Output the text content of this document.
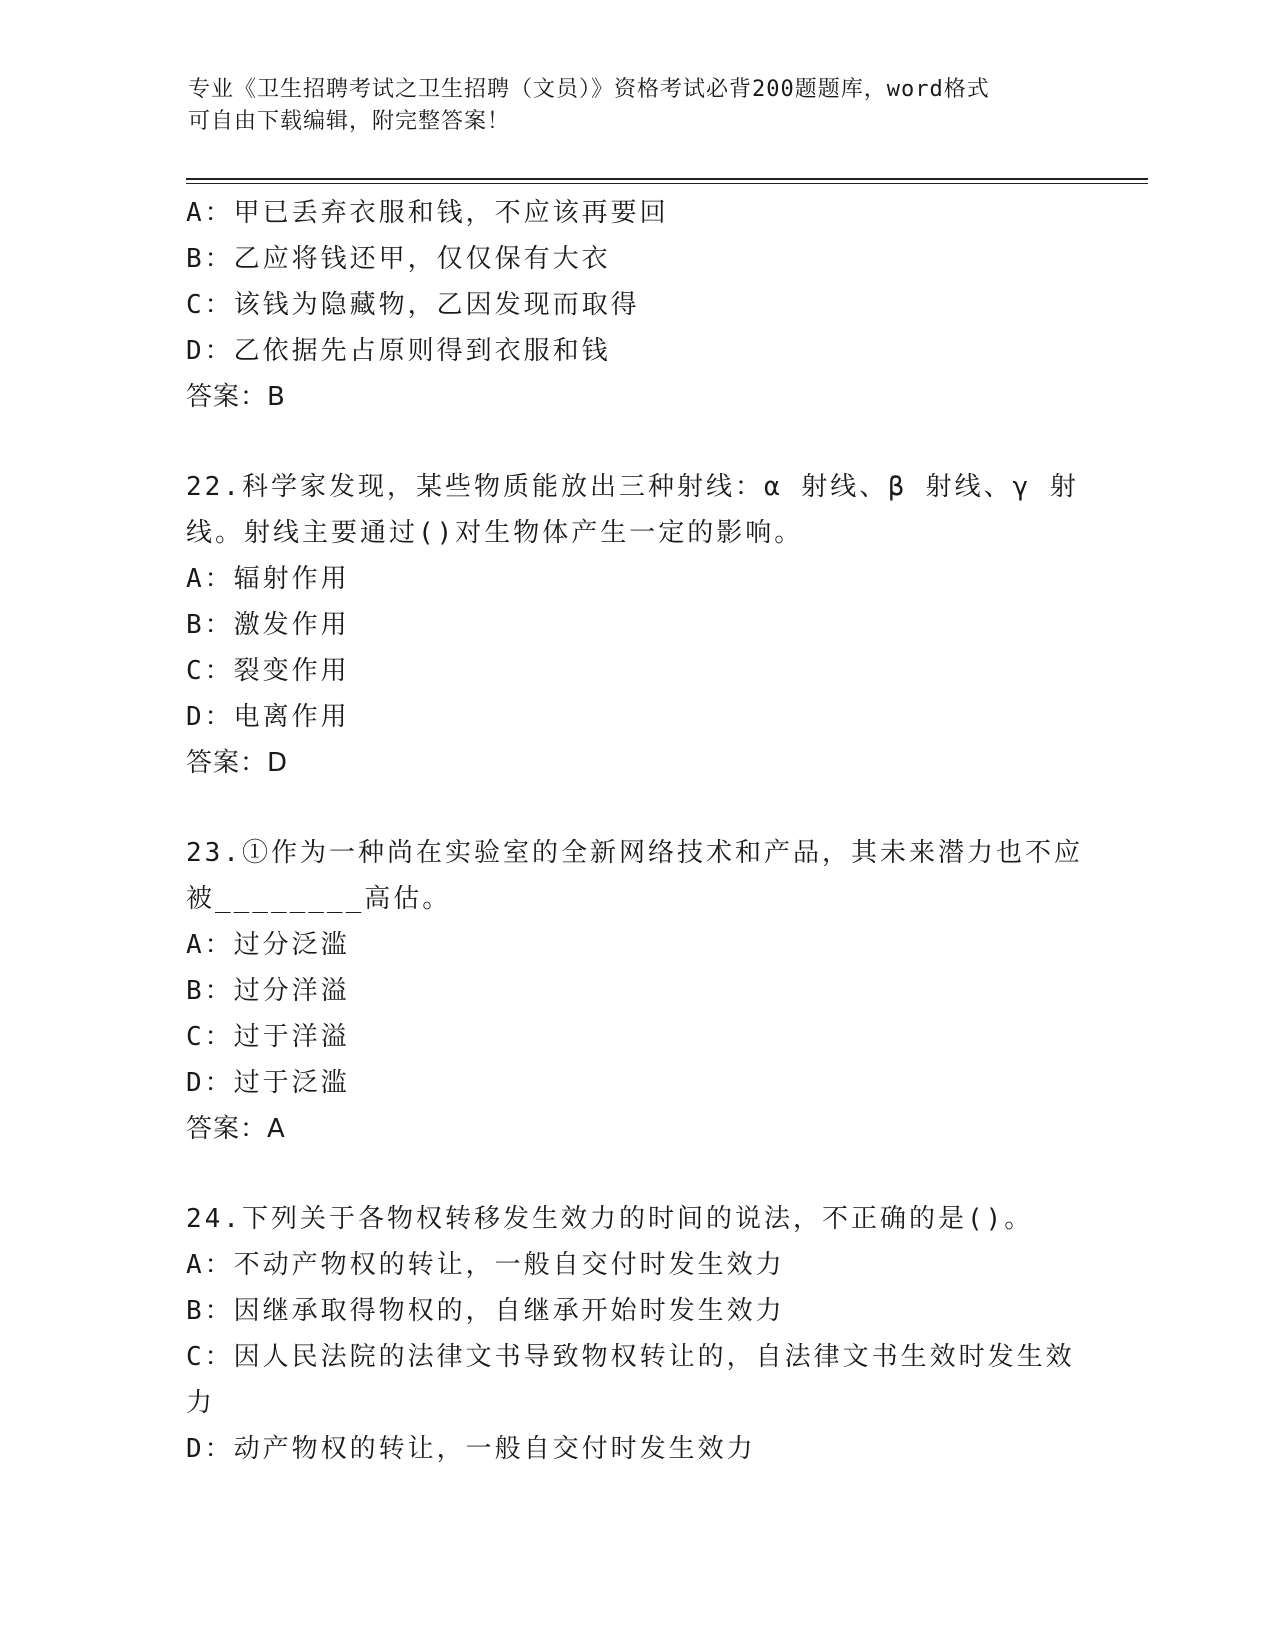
专业《卫生招聘考试之卫生招聘（文员）》资格考试必背200题题库，word格式
可自由下载编辑，附完整答案！
A：甲已丢弃衣服和钱，不应该再要回
B：乙应将钱还甲，仅仅保有大衣
C：该钱为隐藏物，乙因发现而取得
D：乙依据先占原则得到衣服和钱
答案：B
22.科学家发现，某些物质能放出三种射线：α 射线、β 射线、γ 射
线。射线主要通过()对生物体产生一定的影响。
A：辐射作用
B：激发作用
C：裂变作用
D：电离作用
答案：D
23.①作为一种尚在实验室的全新网络技术和产品，其未来潜力也不应
被________高估。
A：过分泛滥
B：过分洋溢
C：过于洋溢
D：过于泛滥
答案：A
24.下列关于各物权转移发生效力的时间的说法，不正确的是()。
A：不动产物权的转让，一般自交付时发生效力
B：因继承取得物权的，自继承开始时发生效力
C：因人民法院的法律文书导致物权转让的，自法律文书生效时发生效
力
D：动产物权的转让，一般自交付时发生效力
